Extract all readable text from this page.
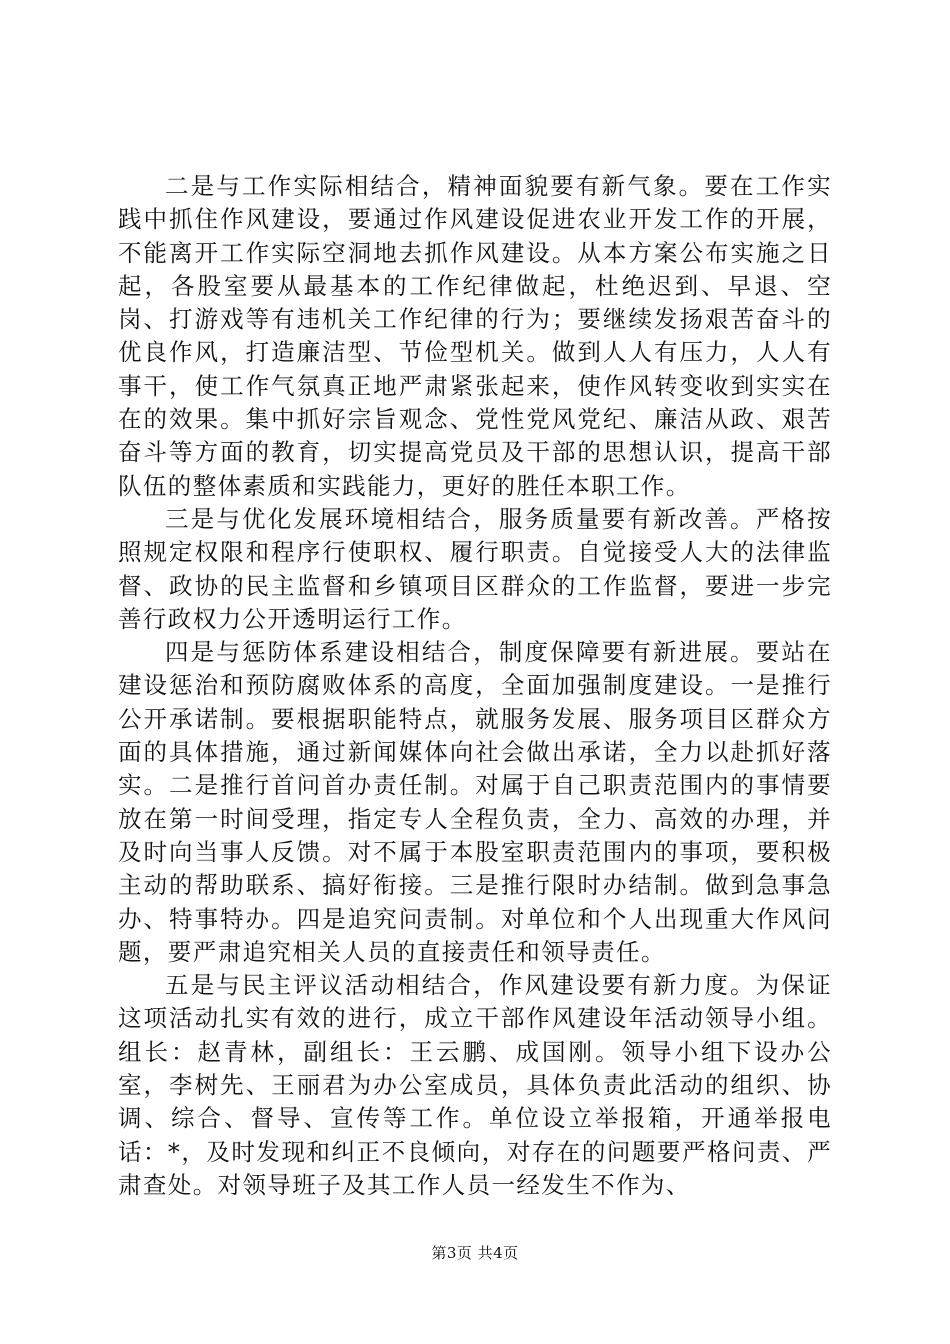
二是与工作实际相结合，精神面貌要有新气象。要在工作实践中抓住作风建设，要通过作风建设促进农业开发工作的开展，不能离开工作实际空洞地去抓作风建设。从本方案公布实施之日起，各股室要从最基本的工作纪律做起，杜绝迟到、早退、空岗、打游戏等有违机关工作纪律的行为；要继续发扬艰苦奋斗的优良作风，打造廉洁型、节俭型机关。做到人人有压力，人人有事干，使工作气氛真正地严肃紧张起来，使作风转变收到实实在在的效果。集中抓好宗旨观念、党性党风党纪、廉洁从政、艰苦奋斗等方面的教育，切实提高党员及干部的思想认识，提高干部队伍的整体素质和实践能力，更好的胜任本职工作。

三是与优化发展环境相结合，服务质量要有新改善。严格按照规定权限和程序行使职权、履行职责。自觉接受人大的法律监督、政协的民主监督和乡镇项目区群众的工作监督，要进一步完善行政权力公开透明运行工作。

四是与惩防体系建设相结合，制度保障要有新进展。要站在建设惩治和预防腐败体系的高度，全面加强制度建设。一是推行公开承诺制。要根据职能特点，就服务发展、服务项目区群众方面的具体措施，通过新闻媒体向社会做出承诺，全力以赴抓好落实。二是推行首问首办责任制。对属于自己职责范围内的事情要放在第一时间受理，指定专人全程负责，全力、高效的办理，并及时向当事人反馈。对不属于本股室职责范围内的事项，要积极主动的帮助联系、搞好衔接。三是推行限时办结制。做到急事急办、特事特办。四是追究问责制。对单位和个人出现重大作风问题，要严肃追究相关人员的直接责任和领导责任。

五是与民主评议活动相结合，作风建设要有新力度。为保证这项活动扎实有效的进行，成立干部作风建设年活动领导小组。组长：赵青林，副组长：王云鹏、成国刚。领导小组下设办公室，李树先、王丽君为办公室成员，具体负责此活动的组织、协调、综合、督导、宣传等工作。单位设立举报箱，开通举报电话：*，及时发现和纠正不良倾向，对存在的问题要严格问责、严肃查处。对领导班子及其工作人员一经发生不作为、

第3页 共4页
